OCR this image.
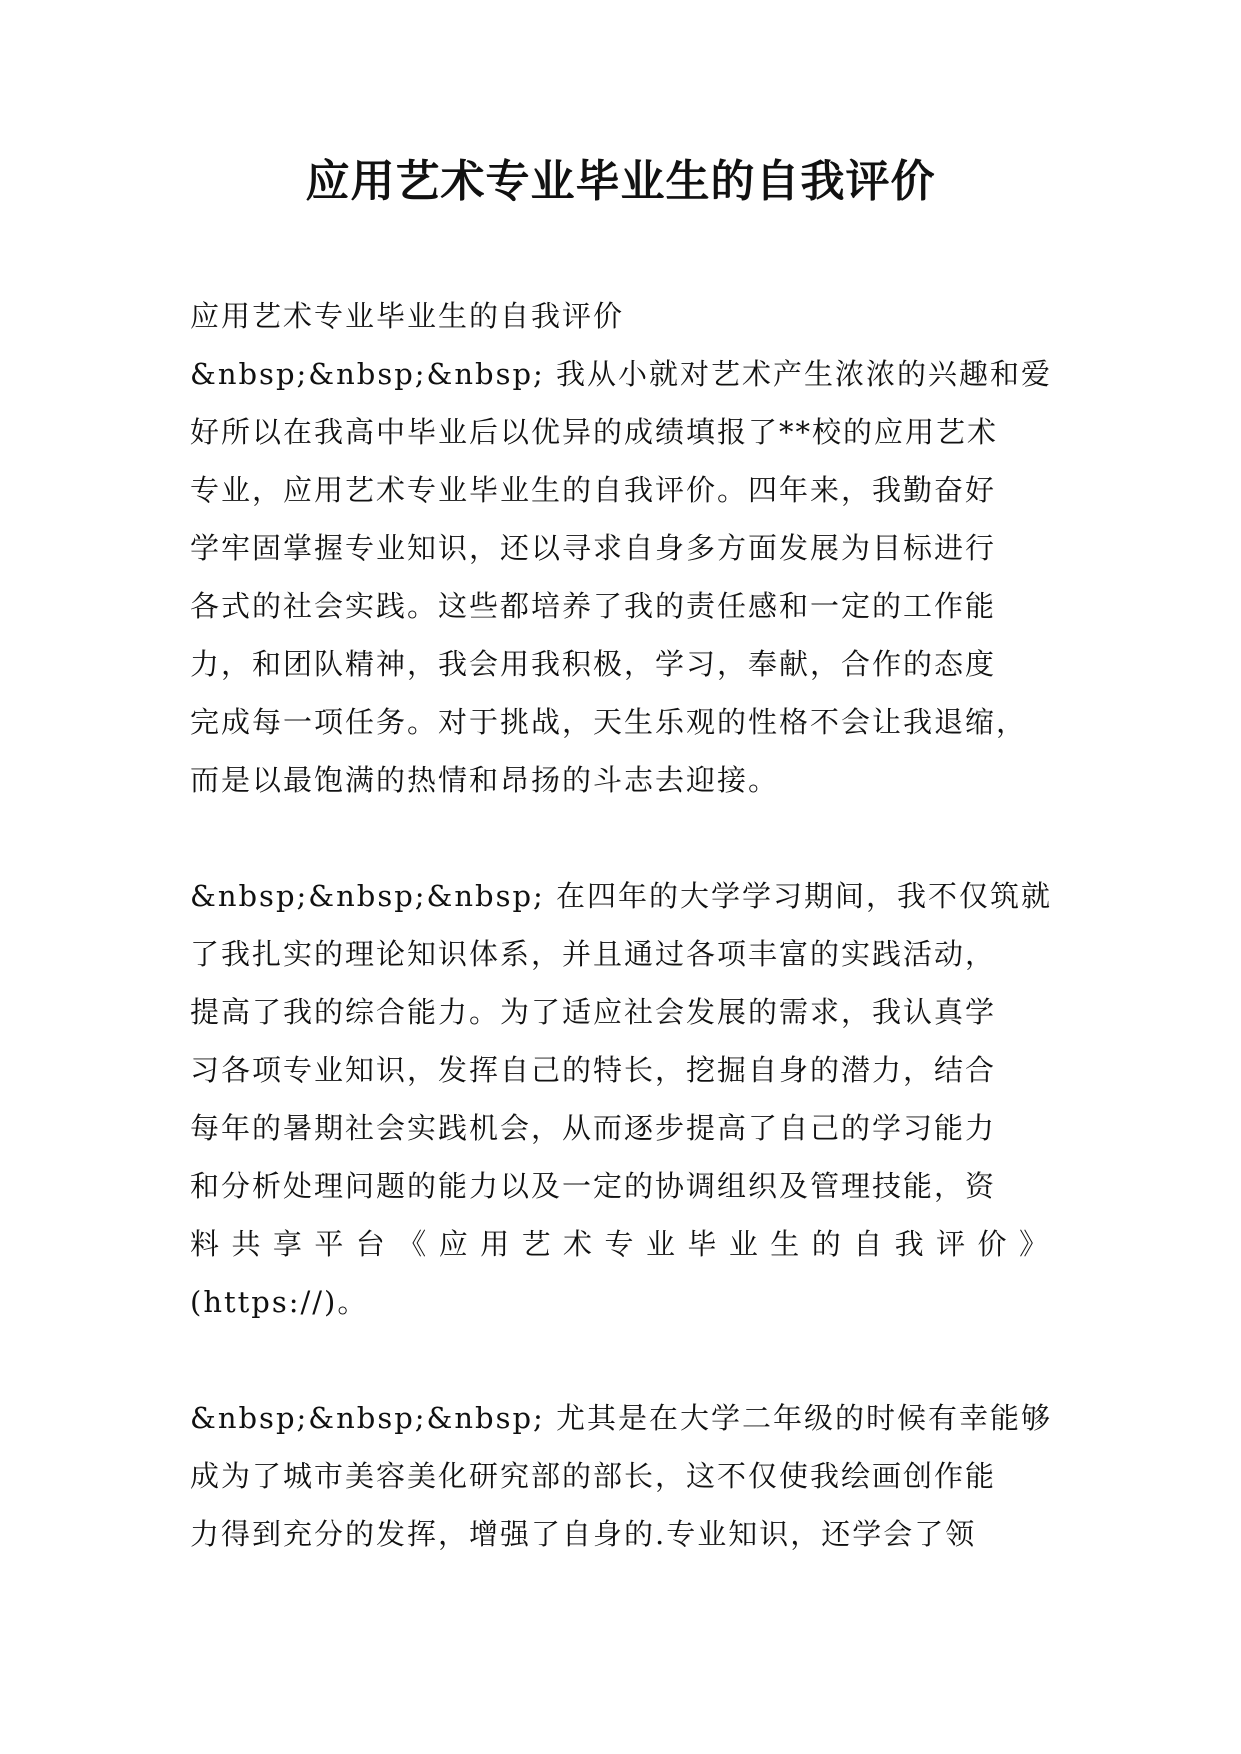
应用艺术专业毕业生的自我评价
应用艺术专业毕业生的自我评价
&nbsp;&nbsp;&nbsp; 我从小就对艺术产生浓浓的兴趣和爱
好所以在我高中毕业后以优异的成绩填报了**校的应用艺术
专业，应用艺术专业毕业生的自我评价。四年来，我勤奋好
学牢固掌握专业知识，还以寻求自身多方面发展为目标进行
各式的社会实践。这些都培养了我的责任感和一定的工作能
力，和团队精神，我会用我积极，学习，奉献，合作的态度
完成每一项任务。对于挑战，天生乐观的性格不会让我退缩，
而是以最饱满的热情和昂扬的斗志去迎接。
&nbsp;&nbsp;&nbsp; 在四年的大学学习期间，我不仅筑就
了我扎实的理论知识体系，并且通过各项丰富的实践活动，
提高了我的综合能力。为了适应社会发展的需求，我认真学
习各项专业知识，发挥自己的特长，挖掘自身的潜力，结合
每年的暑期社会实践机会，从而逐步提高了自己的学习能力
和分析处理问题的能力以及一定的协调组织及管理技能，资
料共享平台《应用艺术专业毕业生的自我评价》
(https://)。
&nbsp;&nbsp;&nbsp; 尤其是在大学二年级的时候有幸能够
成为了城市美容美化研究部的部长，这不仅使我绘画创作能
力得到充分的发挥，增强了自身的.专业知识，还学会了领
